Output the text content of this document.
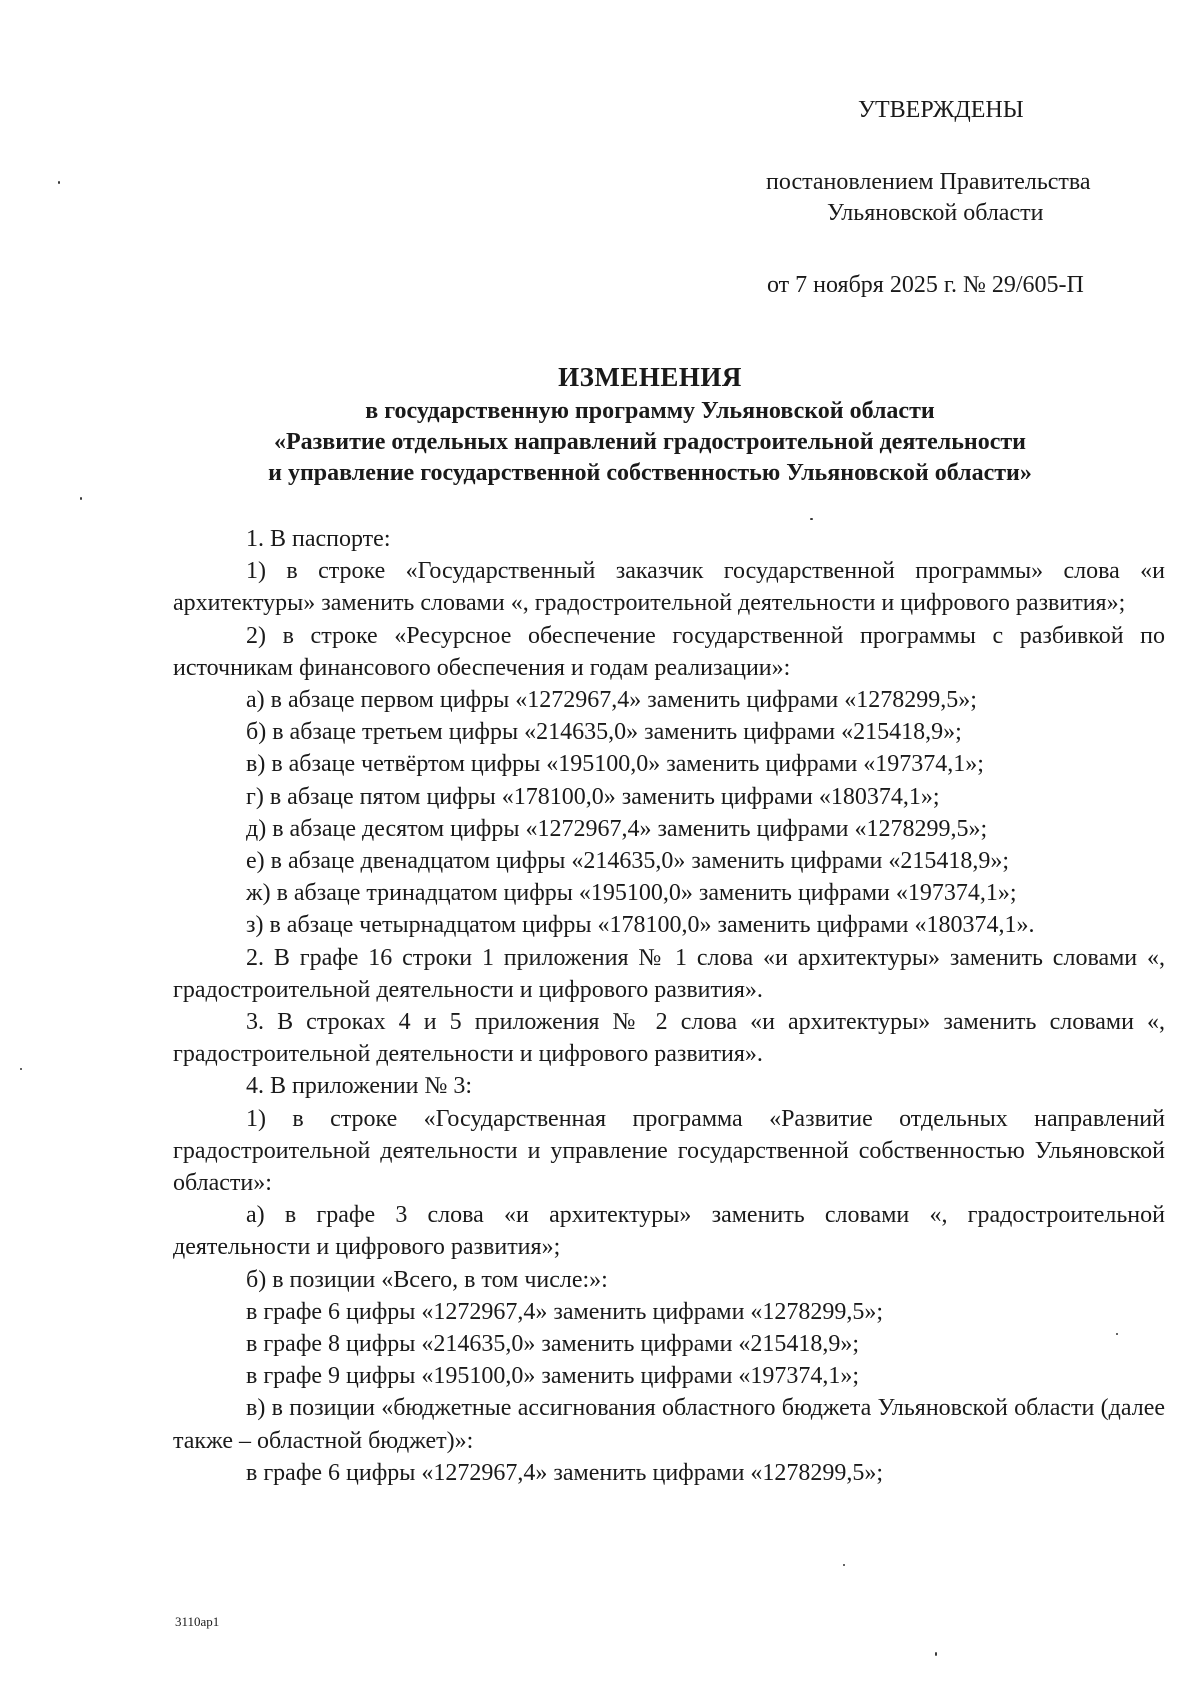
УТВЕРЖДЕНЫ
постановлением Правительства
Ульяновской области
от 7 ноября 2025 г. № 29/605-П
ИЗМЕНЕНИЯ
в государственную программу Ульяновской области
«Развитие отдельных направлений градостроительной деятельности
и управление государственной собственностью Ульяновской области»

1. В паспорте:

1) в строке «Государственный заказчик государственной программы» слова «и архитектуры» заменить словами «, градостроительной деятельности и цифрового развития»;

2) в строке «Ресурсное обеспечение государственной программы с разбивкой по источникам финансового обеспечения и годам реализации»:

а) в абзаце первом цифры «1272967,4» заменить цифрами «1278299,5»;

б) в абзаце третьем цифры «214635,0» заменить цифрами «215418,9»;

в) в абзаце четвёртом цифры «195100,0» заменить цифрами «197374,1»;

г) в абзаце пятом цифры «178100,0» заменить цифрами «180374,1»;

д) в абзаце десятом цифры «1272967,4» заменить цифрами «1278299,5»;

е) в абзаце двенадцатом цифры «214635,0» заменить цифрами «215418,9»;

ж) в абзаце тринадцатом цифры «195100,0» заменить цифрами «197374,1»;

з) в абзаце четырнадцатом цифры «178100,0» заменить цифрами «180374,1».

2. В графе 16 строки 1 приложения № 1 слова «и архитектуры» заменить словами «, градостроительной деятельности и цифрового развития».

3. В строках 4 и 5 приложения № 2 слова «и архитектуры» заменить словами «, градостроительной деятельности и цифрового развития».

4. В приложении № 3:

1) в строке «Государственная программа «Развитие отдельных направлений градостроительной деятельности и управление государственной собственностью Ульяновской области»:

а) в графе 3 слова «и архитектуры» заменить словами «, градостроительной деятельности и цифрового развития»;

б) в позиции «Всего, в том числе:»:

в графе 6 цифры «1272967,4» заменить цифрами «1278299,5»;

в графе 8 цифры «214635,0» заменить цифрами «215418,9»;

в графе 9 цифры «195100,0» заменить цифрами «197374,1»;

в) в позиции «бюджетные ассигнования областного бюджета Ульяновской области (далее также – областной бюджет)»:

в графе 6 цифры «1272967,4» заменить цифрами «1278299,5»;

3110ap1
